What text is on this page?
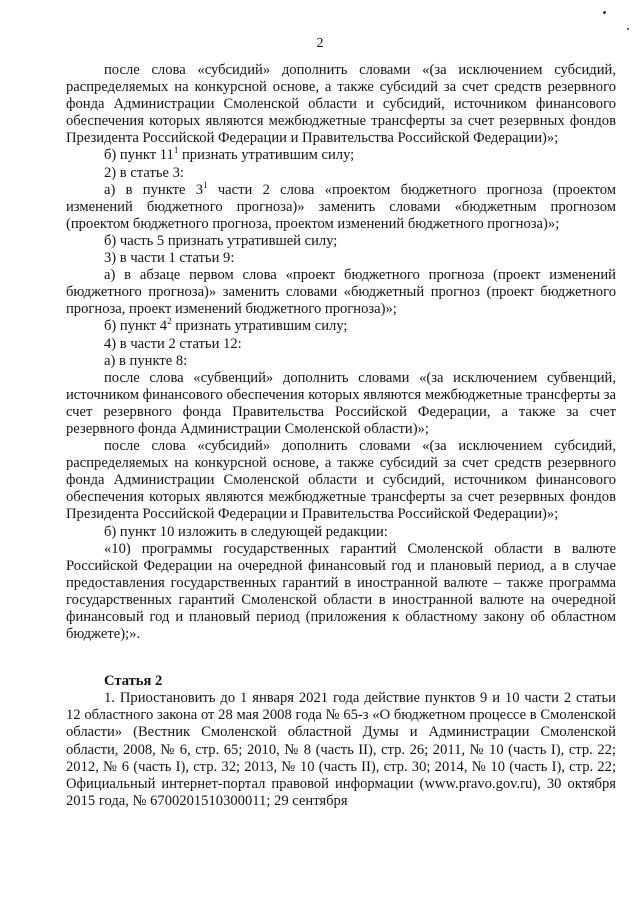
2

после слова «субсидий» дополнить словами «(за исключением субсидий, распределяемых на конкурсной основе, а также субсидий за счет средств резервного фонда Администрации Смоленской области и субсидий, источником финансового обеспечения которых являются межбюджетные трансферты за счет резервных фондов Президента Российской Федерации и Правительства Российской Федерации)»;

б) пункт $11^1$ признать утратившим силу;

2) в статье 3:

а) в пункте $3^1$ части 2 слова «проектом бюджетного прогноза (проектом изменений бюджетного прогноза)» заменить словами «бюджетным прогнозом (проектом бюджетного прогноза, проектом изменений бюджетного прогноза)»;

б) часть 5 признать утратившей силу;

3) в части 1 статьи 9:

а) в абзаце первом слова «проект бюджетного прогноза (проект изменений бюджетного прогноза)» заменить словами «бюджетный прогноз (проект бюджетного прогноза, проект изменений бюджетного прогноза)»;

б) пункт $4^2$ признать утратившим силу;

4) в части 2 статьи 12:

а) в пункте 8:

после слова «субвенций» дополнить словами «(за исключением субвенций, источником финансового обеспечения которых являются межбюджетные трансферты за счет резервного фонда Правительства Российской Федерации, а также за счет резервного фонда Администрации Смоленской области)»;

после слова «субсидий» дополнить словами «(за исключением субсидий, распределяемых на конкурсной основе, а также субсидий за счет средств резервного фонда Администрации Смоленской области и субсидий, источником финансового обеспечения которых являются межбюджетные трансферты за счет резервных фондов Президента Российской Федерации и Правительства Российской Федерации)»;

б) пункт 10 изложить в следующей редакции:

«10) программы государственных гарантий Смоленской области в валюте Российской Федерации на очередной финансовый год и плановый период, а в случае предоставления государственных гарантий в иностранной валюте – также программа государственных гарантий Смоленской области в иностранной валюте на очередной финансовый год и плановый период (приложения к областному закону об областном бюджете);».

Статья 2

1. Приостановить до 1 января 2021 года действие пунктов 9 и 10 части 2 статьи 12 областного закона от 28 мая 2008 года № 65-з «О бюджетном процессе в Смоленской области» (Вестник Смоленской областной Думы и Администрации Смоленской области, 2008, № 6, стр. 65; 2010, № 8 (часть II), стр. 26; 2011, № 10 (часть I), стр. 22; 2012, № 6 (часть I), стр. 32; 2013, № 10 (часть II), стр. 30; 2014, № 10 (часть I), стр. 22; Официальный интернет-портал правовой информации (www.pravo.gov.ru), 30 октября 2015 года, № 6700201510300011; 29 сентября
